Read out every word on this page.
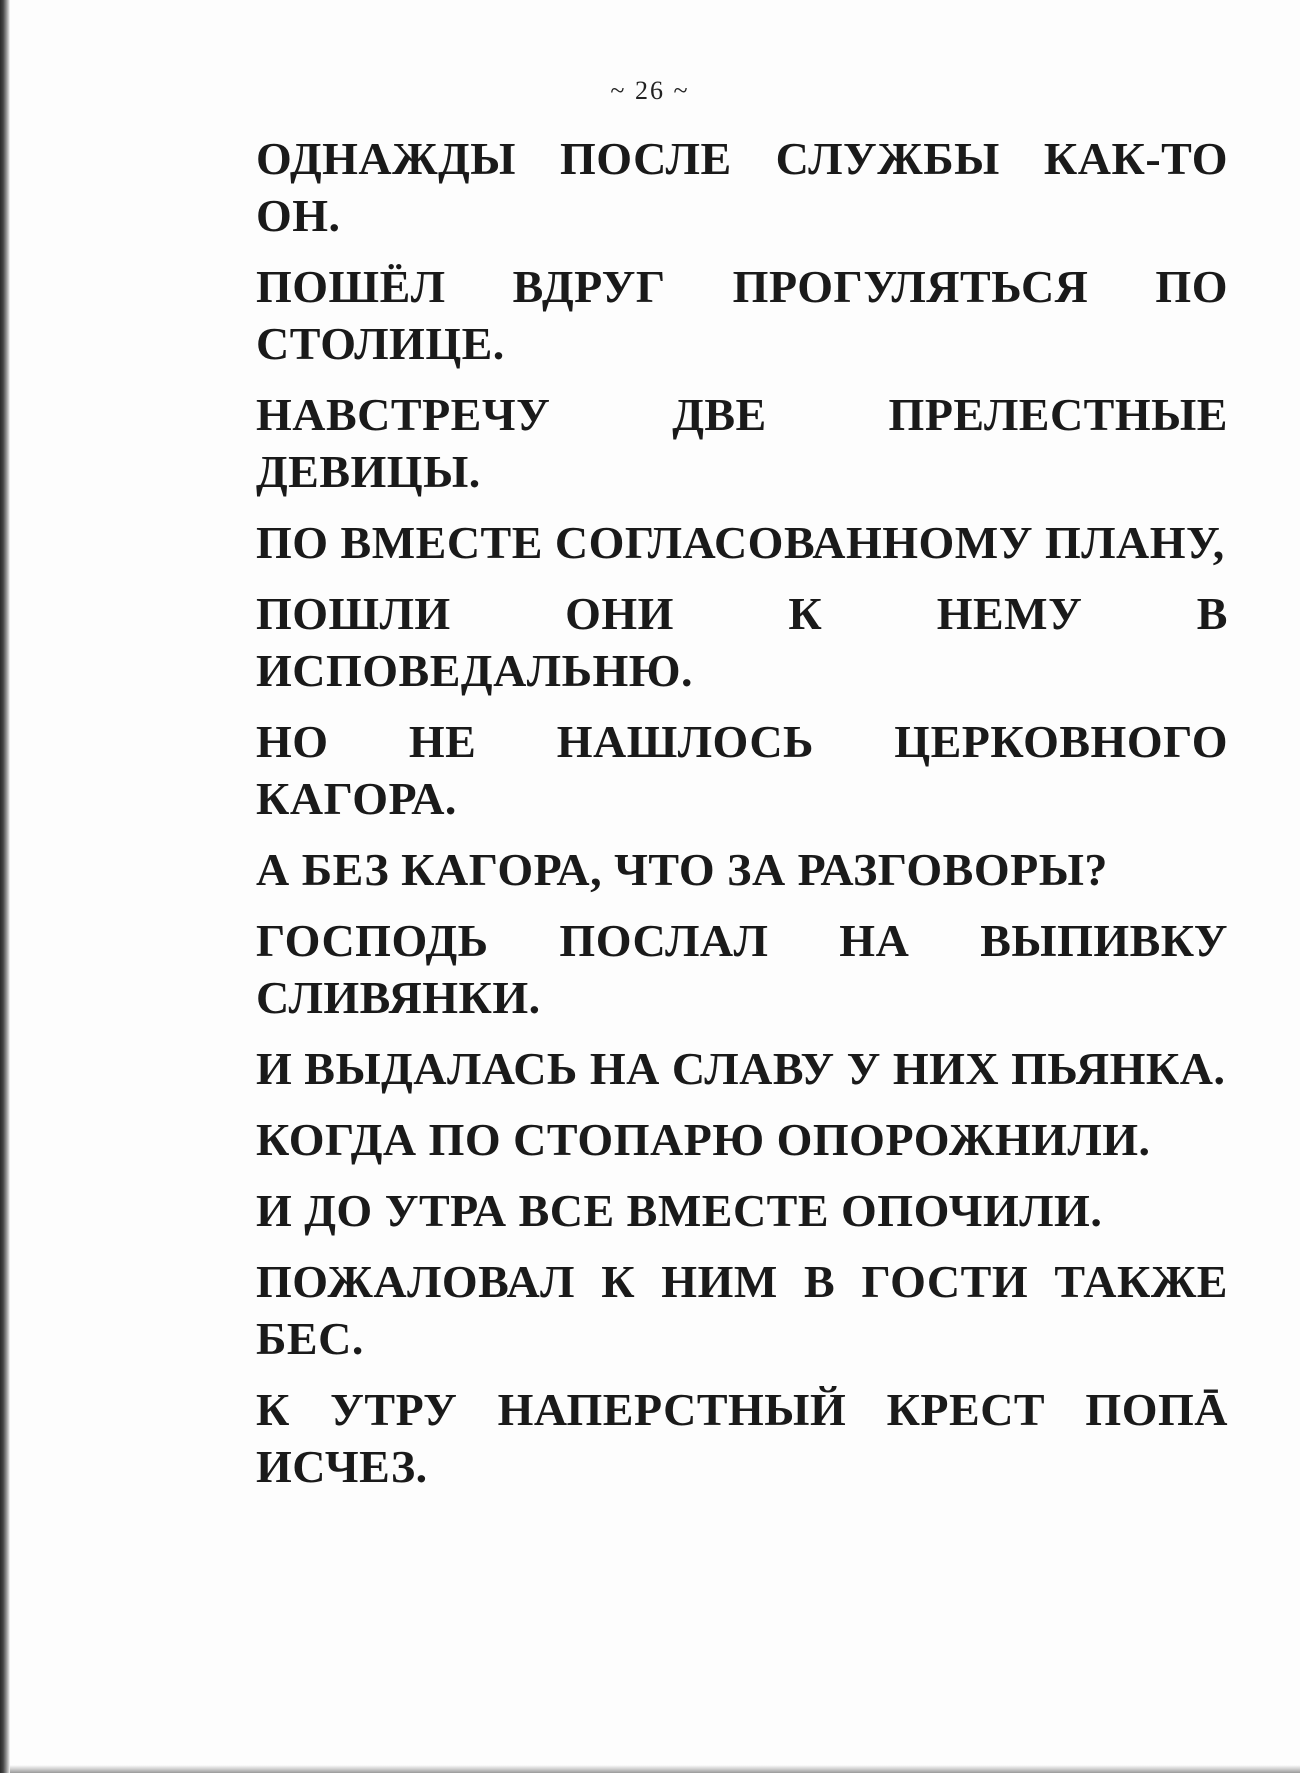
~ 26 ~

ОДНАЖДЫ ПОСЛЕ СЛУЖБЫ КАК-ТО ОН.

ПОШЁЛ ВДРУГ ПРОГУЛЯТЬСЯ ПО СТОЛИЦЕ.

НАВСТРЕЧУ ДВЕ ПРЕЛЕСТНЫЕ ДЕВИЦЫ.

ПО ВМЕСТЕ СОГЛАСОВАННОМУ ПЛАНУ,

ПОШЛИ ОНИ К НЕМУ В ИСПОВЕДАЛЬНЮ.

НО НЕ НАШЛОСЬ ЦЕРКОВНОГО КАГОРА.

А БЕЗ КАГОРА, ЧТО ЗА РАЗГОВОРЫ?

ГОСПОДЬ ПОСЛАЛ НА ВЫПИВКУ СЛИВЯНКИ.

И ВЫДАЛАСЬ НА СЛАВУ У НИХ ПЬЯНКА.

КОГДА ПО СТОПАРЮ ОПОРОЖНИЛИ.

И ДО УТРА ВСЕ ВМЕСТЕ ОПОЧИЛИ.

ПОЖАЛОВАЛ К НИМ В ГОСТИ ТАКЖЕ БЕС.

К УТРУ НАПЕРСТНЫЙ КРЕСТ ПОПĀ ИСЧЕЗ.
